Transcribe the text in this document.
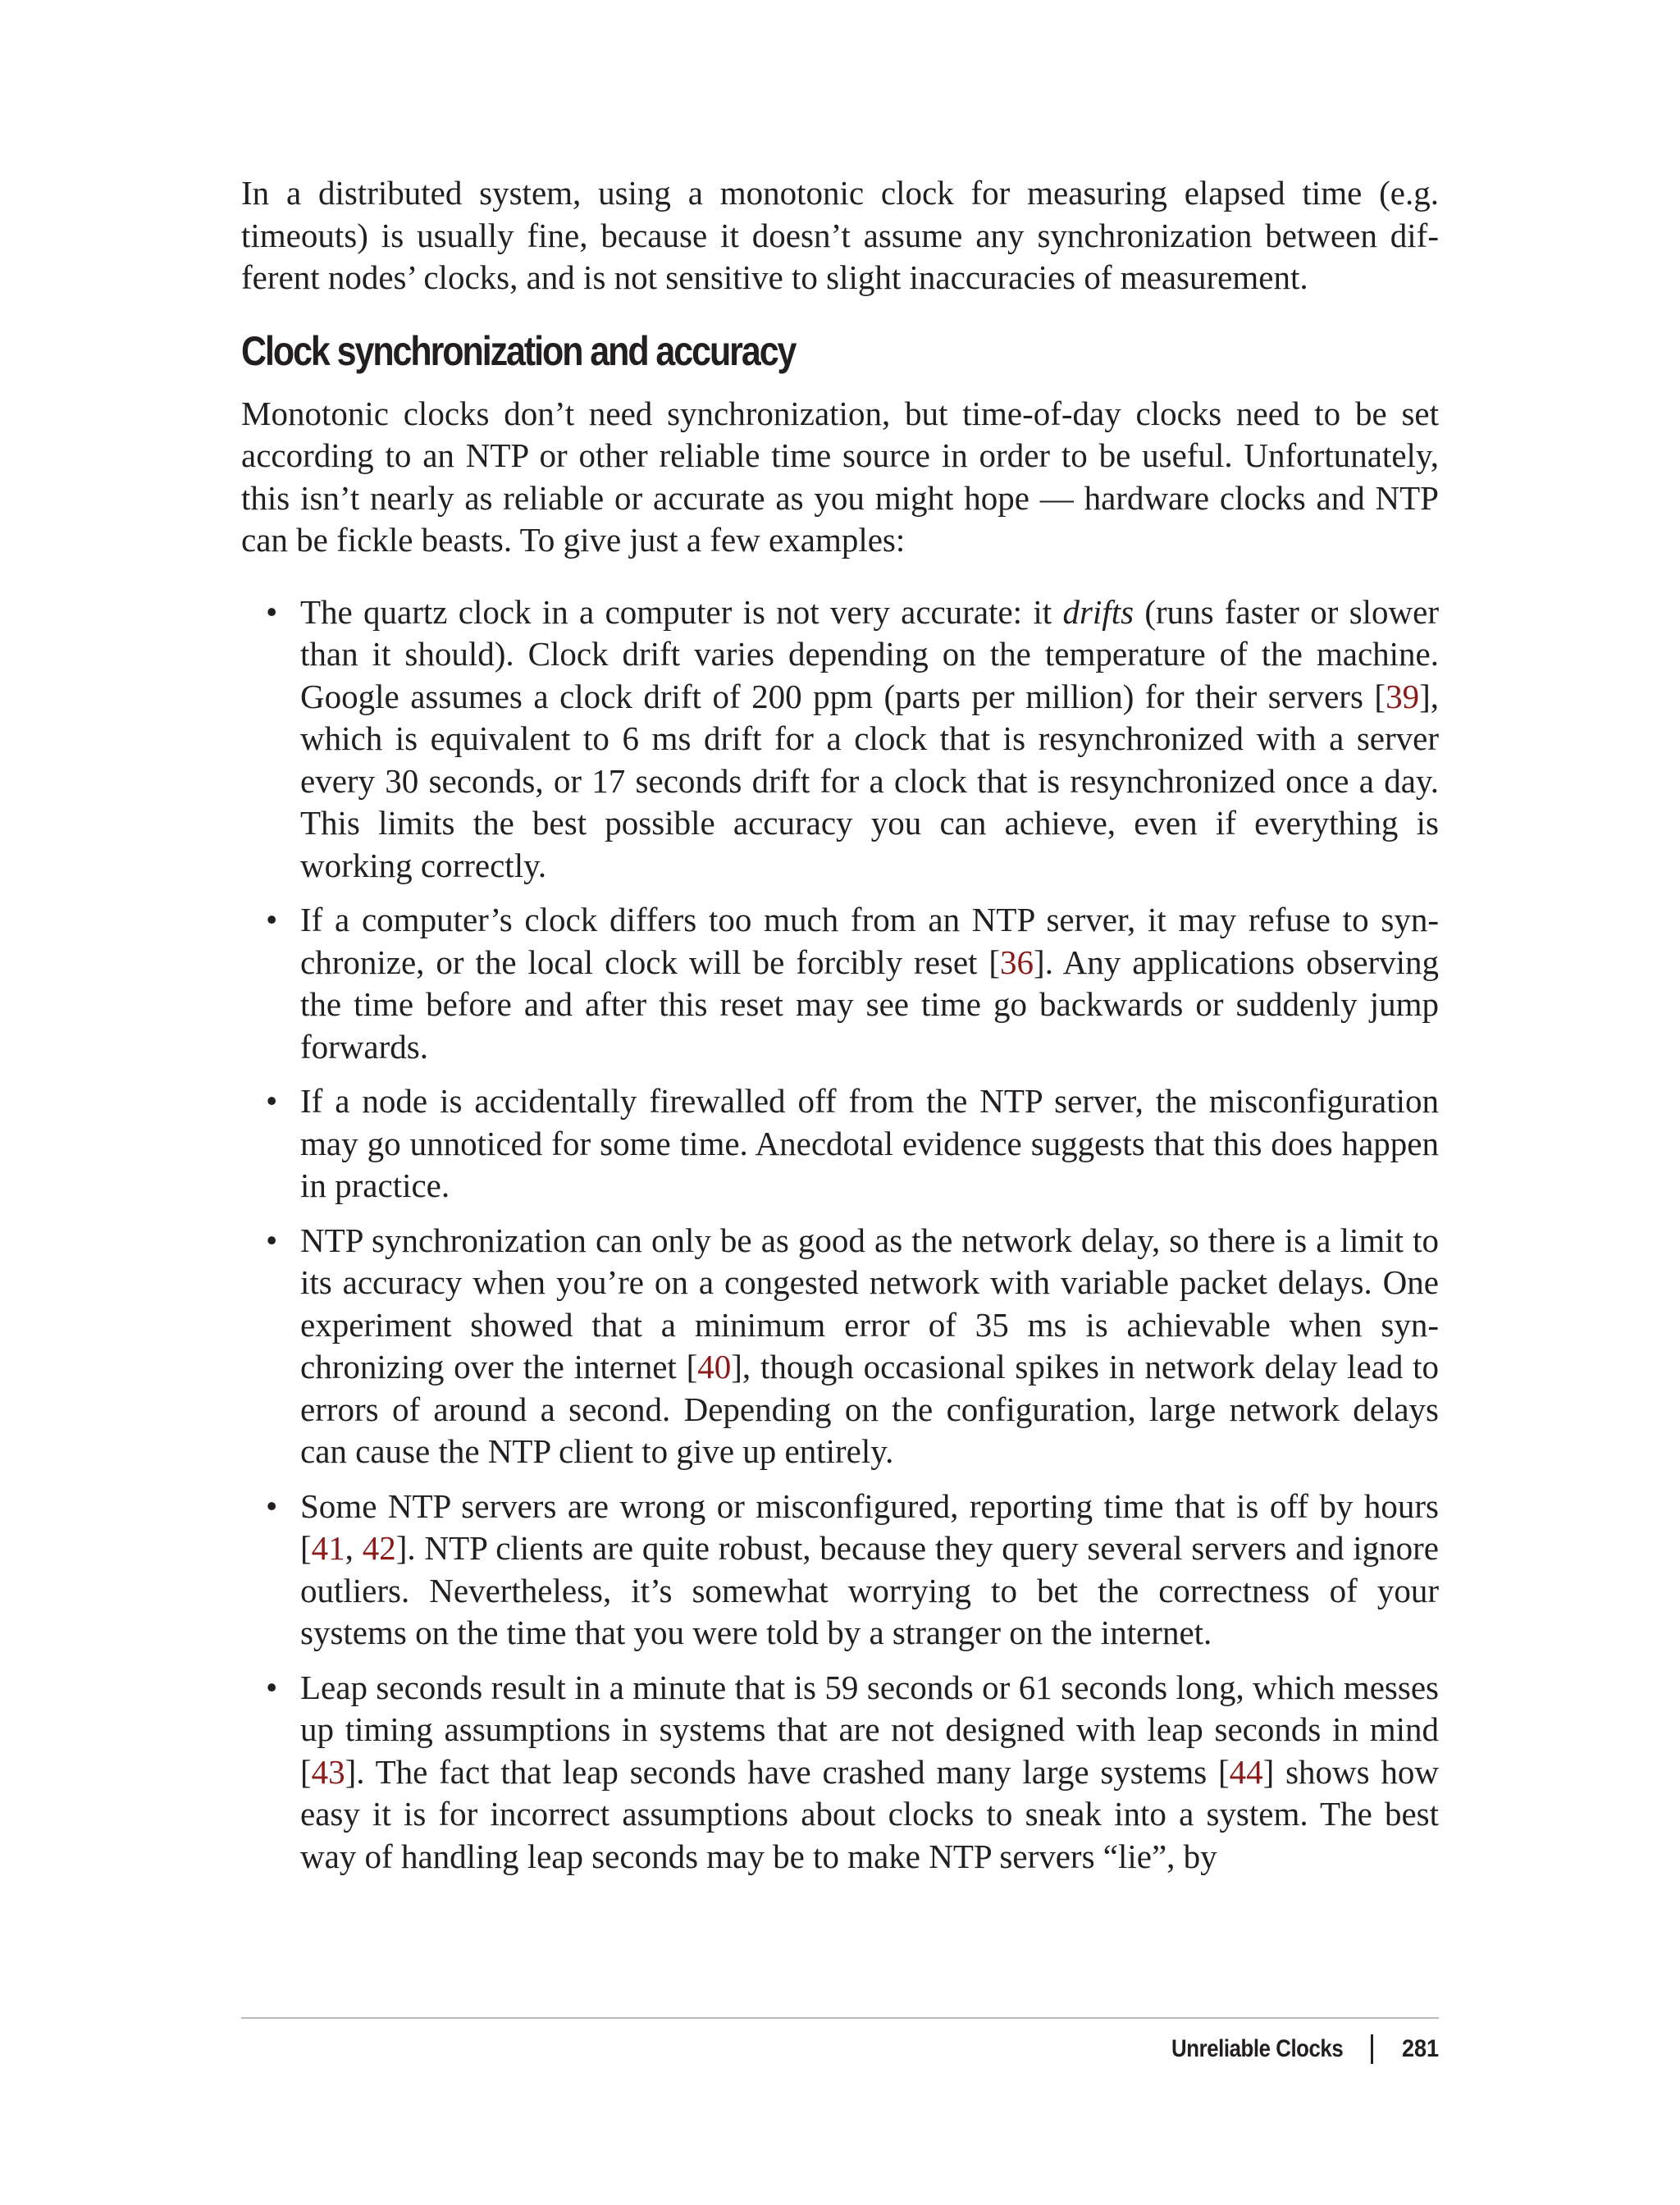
In a distributed system, using a monotonic clock for measuring elapsed time (e.g. timeouts) is usually fine, because it doesn’t assume any synchronization between different nodes’ clocks, and is not sensitive to slight inaccuracies of measurement.

Clock synchronization and accuracy

Monotonic clocks don’t need synchronization, but time-of-day clocks need to be set according to an NTP or other reliable time source in order to be useful. Unfortunately, this isn’t nearly as reliable or accurate as you might hope — hardware clocks and NTP can be fickle beasts. To give just a few examples:

• The quartz clock in a computer is not very accurate: it drifts (runs faster or slower than it should). Clock drift varies depending on the temperature of the machine. Google assumes a clock drift of 200 ppm (parts per million) for their servers [39], which is equivalent to 6 ms drift for a clock that is resynchronized with a server every 30 seconds, or 17 seconds drift for a clock that is resynchronized once a day. This limits the best possible accuracy you can achieve, even if everything is working correctly.

• If a computer’s clock differs too much from an NTP server, it may refuse to synchronize, or the local clock will be forcibly reset [36]. Any applications observing the time before and after this reset may see time go backwards or suddenly jump forwards.

• If a node is accidentally firewalled off from the NTP server, the misconfiguration may go unnoticed for some time. Anecdotal evidence suggests that this does happen in practice.

• NTP synchronization can only be as good as the network delay, so there is a limit to its accuracy when you’re on a congested network with variable packet delays. One experiment showed that a minimum error of 35 ms is achievable when synchronizing over the internet [40], though occasional spikes in network delay lead to errors of around a second. Depending on the configuration, large network delays can cause the NTP client to give up entirely.

• Some NTP servers are wrong or misconfigured, reporting time that is off by hours [41, 42]. NTP clients are quite robust, because they query several servers and ignore outliers. Nevertheless, it’s somewhat worrying to bet the correctness of your systems on the time that you were told by a stranger on the internet.

• Leap seconds result in a minute that is 59 seconds or 61 seconds long, which messes up timing assumptions in systems that are not designed with leap seconds in mind [43]. The fact that leap seconds have crashed many large systems [44] shows how easy it is for incorrect assumptions about clocks to sneak into a system. The best way of handling leap seconds may be to make NTP servers “lie”, by

Unreliable Clocks 281
